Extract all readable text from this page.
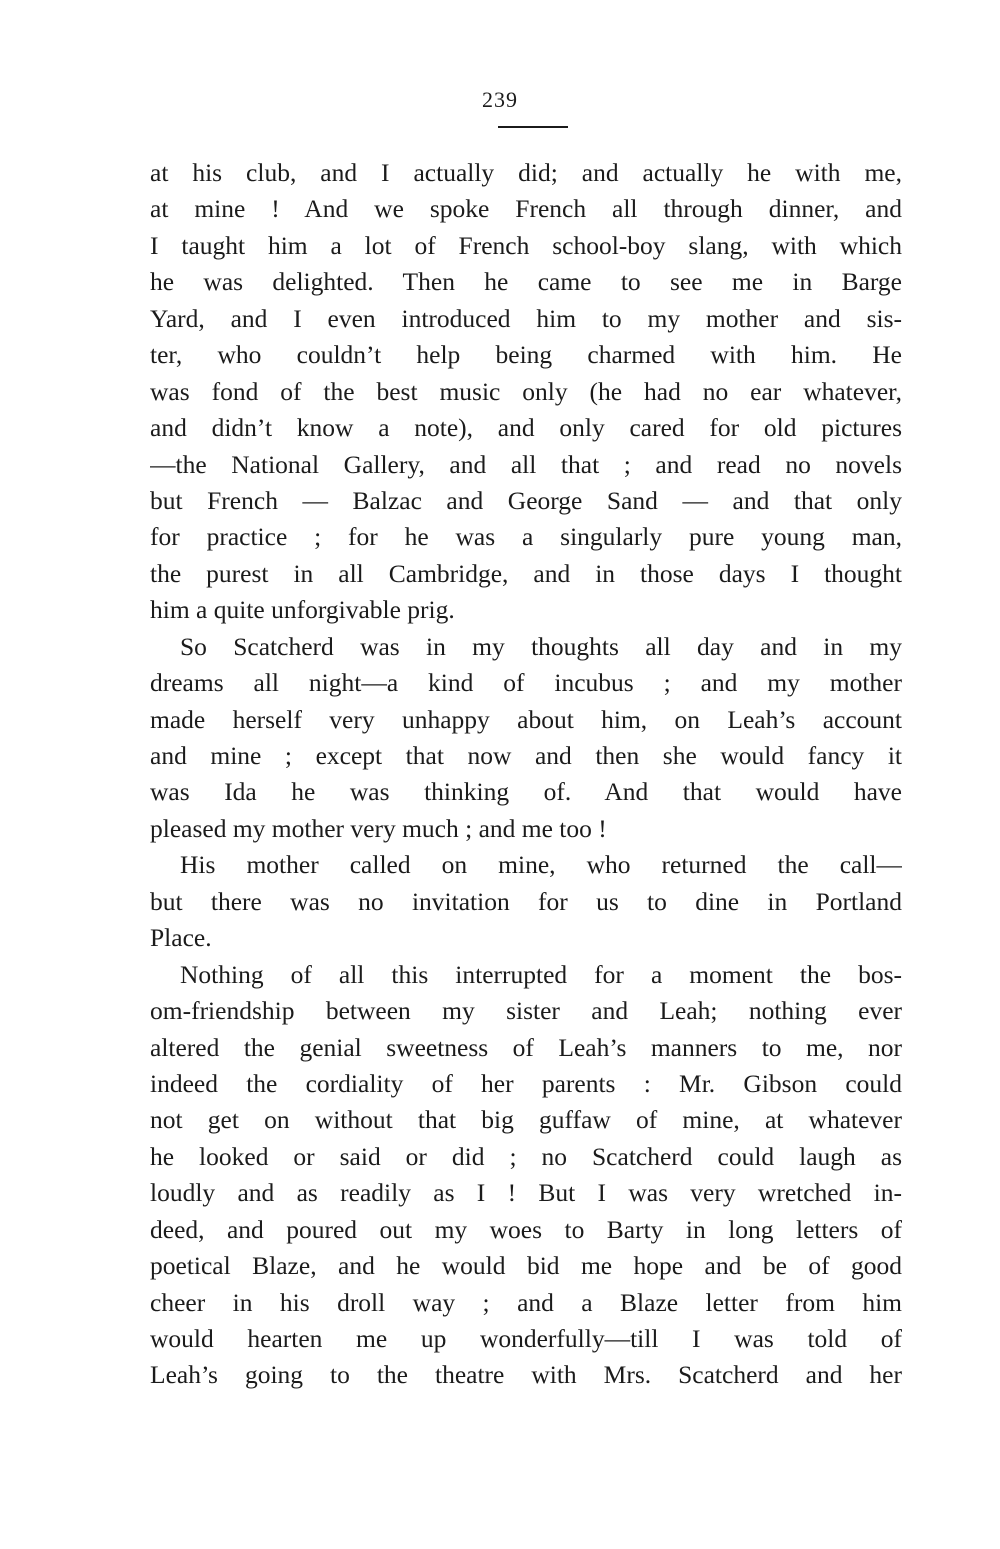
239
at his club, and I actually did; and actually he with me,
at mine ! And we spoke French all through dinner, and
I taught him a lot of French school-boy slang, with which
he was delighted. Then he came to see me in Barge
Yard, and I even introduced him to my mother and sis-
ter, who couldn’t help being charmed with him. He
was fond of the best music only (he had no ear whatever,
and didn’t know a note), and only cared for old pictures
—the National Gallery, and all that ; and read no novels
but French — Balzac and George Sand — and that only
for practice ; for he was a singularly pure young man,
the purest in all Cambridge, and in those days I thought
him a quite unforgivable prig.
So Scatcherd was in my thoughts all day and in my
dreams all night—a kind of incubus ; and my mother
made herself very unhappy about him, on Leah’s account
and mine ; except that now and then she would fancy it
was Ida he was thinking of. And that would have
pleased my mother very much ; and me too !
His mother called on mine, who returned the call—
but there was no invitation for us to dine in Portland
Place.
Nothing of all this interrupted for a moment the bos-
om-friendship between my sister and Leah; nothing ever
altered the genial sweetness of Leah’s manners to me, nor
indeed the cordiality of her parents : Mr. Gibson could
not get on without that big guffaw of mine, at whatever
he looked or said or did ; no Scatcherd could laugh as
loudly and as readily as I ! But I was very wretched in-
deed, and poured out my woes to Barty in long letters of
poetical Blaze, and he would bid me hope and be of good
cheer in his droll way ; and a Blaze letter from him
would hearten me up wonderfully—till I was told of
Leah’s going to the theatre with Mrs. Scatcherd and her
